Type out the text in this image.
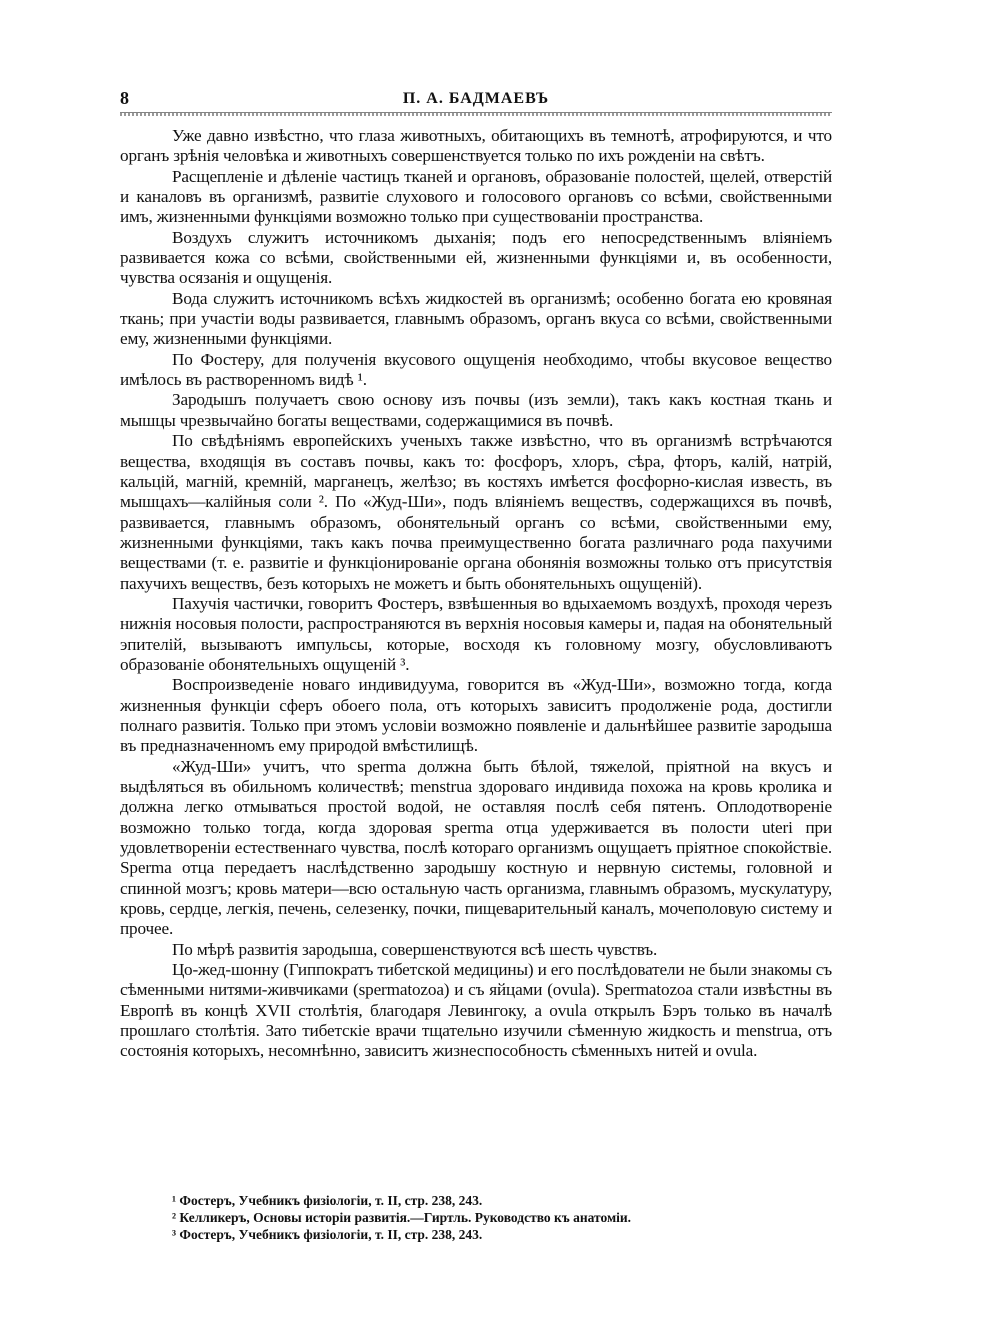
8	П. А. БАДМАЕВЪ

Уже давно извѣстно, что глаза животныхъ, обитающихъ въ темнотѣ, атрофируются, и что органъ зрѣнія человѣка и животныхъ совершенствуется только по ихъ рожденіи на свѣтъ.

Расщепленіе и дѣленіе частицъ тканей и органовъ, образованіе полостей, щелей, отверстій и каналовъ въ организмѣ, развитіе слухового и голосового органовъ со всѣми, свойственными имъ, жизненными функціями возможно только при существованіи пространства.

Воздухъ служитъ источникомъ дыханія; подъ его непосредственнымъ вліяніемъ развивается кожа со всѣми, свойственными ей, жизненными функціями и, въ особенности, чувства осязанія и ощущенія.

Вода служитъ источникомъ всѣхъ жидкостей въ организмѣ; особенно богата ею кровяная ткань; при участіи воды развивается, главнымъ образомъ, органъ вкуса со всѣми, свойственными ему, жизненными функціями.

По Фостеру, для полученія вкусового ощущенія необходимо, чтобы вкусовое вещество имѣлось въ растворенномъ видѣ ¹.

Зародышъ получаетъ свою основу изъ почвы (изъ земли), такъ какъ костная ткань и мышцы чрезвычайно богаты веществами, содержащимися въ почвѣ.

По свѣдѣніямъ европейскихъ ученыхъ также извѣстно, что въ организмѣ встрѣчаются вещества, входящія въ составъ почвы, какъ то: фосфоръ, хлоръ, сѣра, фторъ, калій, натрій, кальцій, магній, кремній, марганецъ, желѣзо; въ костяхъ имѣется фосфорно-кислая известь, въ мышцахъ—калійныя соли ². По «Жуд-Ши», подъ вліяніемъ веществъ, содержащихся въ почвѣ, развивается, главнымъ образомъ, обонятельный органъ со всѣми, свойственными ему, жизненными функціями, такъ какъ почва преимущественно богата различнаго рода пахучими веществами (т. е. развитіе и функціонированіе органа обонянія возможны только отъ присутствія пахучихъ веществъ, безъ которыхъ не можетъ и быть обонятельныхъ ощущеній).

Пахучія частички, говоритъ Фостеръ, взвѣшенныя во вдыхаемомъ воздухѣ, проходя черезъ нижнія носовыя полости, распространяются въ верхнія носовыя камеры и, падая на обонятельный эпителій, вызываютъ импульсы, которые, восходя къ головному мозгу, обусловливаютъ образованіе обонятельныхъ ощущеній ³.

Воспроизведеніе новаго индивидуума, говорится въ «Жуд-Ши», возможно тогда, когда жизненныя функціи сферъ обоего пола, отъ которыхъ зависитъ продолженіе рода, достигли полнаго развитія. Только при этомъ условіи возможно появленіе и дальнѣйшее развитіе зародыша въ предназначенномъ ему природой вмѣстилищѣ.

«Жуд-Ши» учитъ, что sperma должна быть бѣлой, тяжелой, пріятной на вкусъ и выдѣляться въ обильномъ количествѣ; menstrua здороваго индивида похожа на кровь кролика и должна легко отмываться простой водой, не оставляя послѣ себя пятенъ. Оплодотвореніе возможно только тогда, когда здоровая sperma отца удерживается въ полости uteri при удовлетвореніи естественнаго чувства, послѣ котораго организмъ ощущаетъ пріятное спокойствіе. Sperma отца передаетъ наслѣдственно зародышу костную и нервную системы, головной и спинной мозгъ; кровь матери—всю остальную часть организма, главнымъ образомъ, мускулатуру, кровь, сердце, легкія, печень, селезенку, почки, пищеварительный каналъ, мочеполовую систему и прочее.

По мѣрѣ развитія зародыша, совершенствуются всѣ шесть чувствъ.

Цо-жед-шонну (Гиппократъ тибетской медицины) и его послѣдователи не были знакомы съ сѣменными нитями-живчиками (spermatozoa) и съ яйцами (ovula). Spermatozoa стали извѣстны въ Европѣ въ концѣ XVII столѣтія, благодаря Левингоку, а ovula открылъ Бэръ только въ началѣ прошлаго столѣтія. Зато тибетскіе врачи тщательно изучили сѣменную жидкость и menstrua, отъ состоянія которыхъ, несомнѣнно, зависитъ жизнеспособность сѣменныхъ нитей и ovula.

¹ Фостеръ, Учебникъ физіологіи, т. II, стр. 238, 243.
² Келликеръ, Основы исторіи развитія.—Гиртль. Руководство къ анатоміи.
³ Фостеръ, Учебникъ физіологіи, т. II, стр. 238, 243.
